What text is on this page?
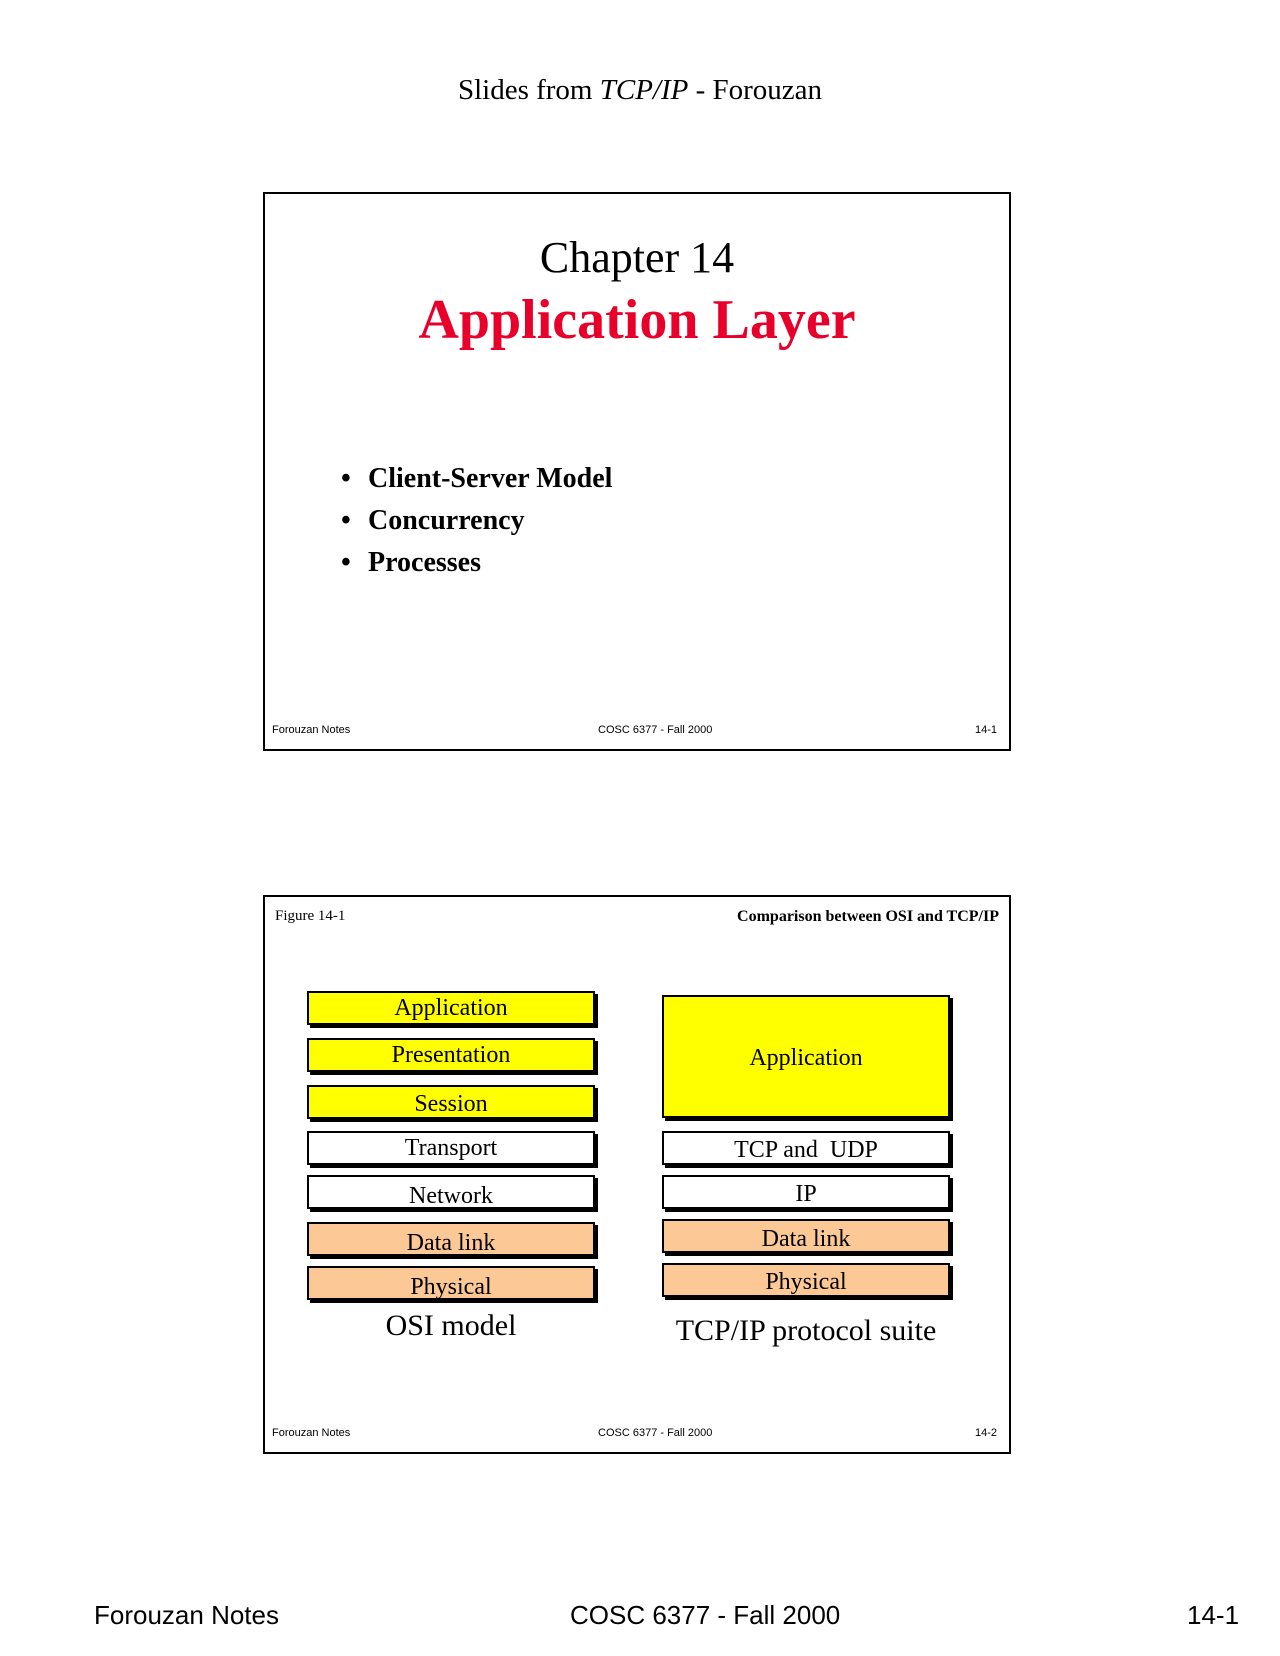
Slides from TCP/IP - Forouzan
Chapter 14
Application Layer
• Client-Server Model
• Concurrency
• Processes
Forouzan Notes	COSC 6377 - Fall 2000	14-1
Figure 14-1	Comparison between OSI and TCP/IP
Application
Presentation
Session
Transport
Network
Data link
Physical
OSI model
Application
TCP and  UDP
IP
Data link
Physical
TCP/IP protocol suite
Forouzan Notes	COSC 6377 - Fall 2000	14-2
Forouzan Notes	COSC 6377 - Fall 2000	14-1
